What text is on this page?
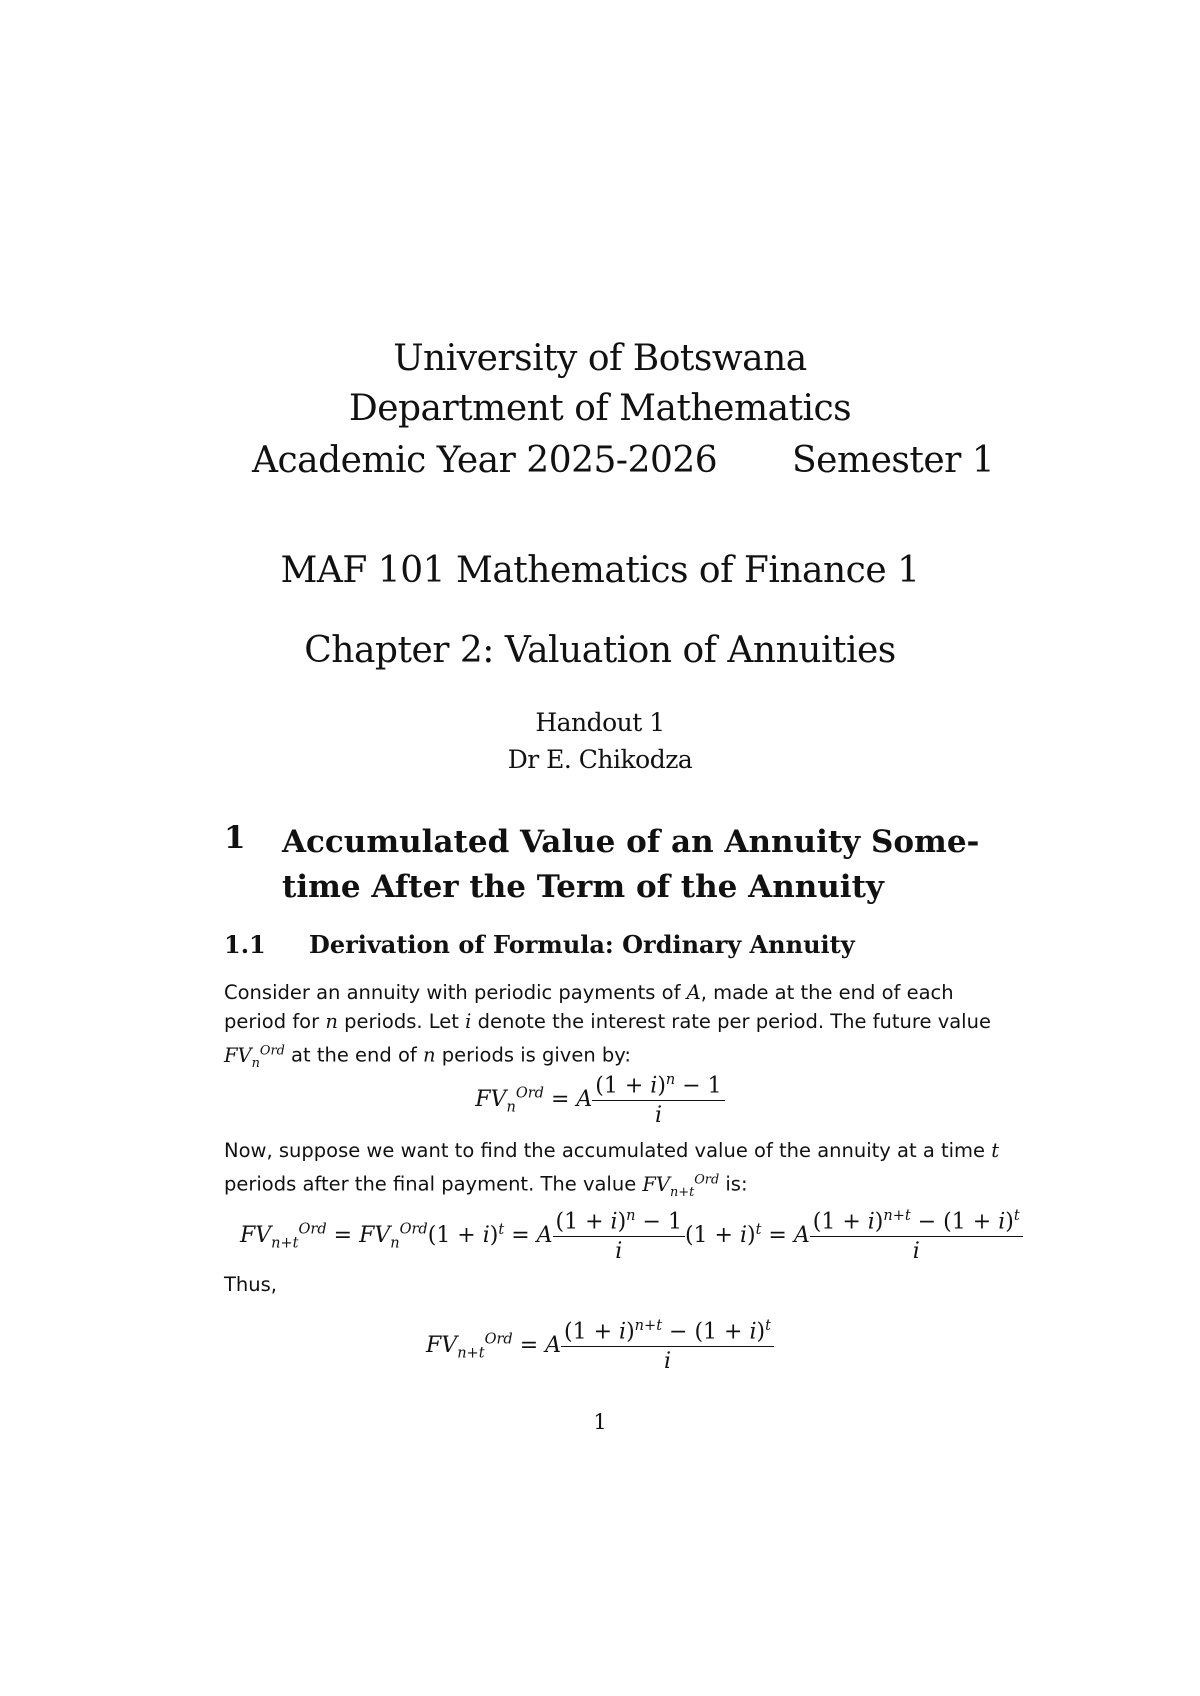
University of Botswana
Department of Mathematics
Academic Year 2025-2026 Semester 1
MAF 101 Mathematics of Finance 1
Chapter 2: Valuation of Annuities
Handout 1
Dr E. Chikodza
1 Accumulated Value of an Annuity Some-time After the Term of the Annuity
1.1 Derivation of Formula: Ordinary Annuity
Consider an annuity with periodic payments of A, made at the end of each period for n periods. Let i denote the interest rate per period. The future value $FV_n^{Ord}$ at the end of n periods is given by:
$FV_n^{Ord} = A \frac{(1 + i)^n - 1}{i}$
Now, suppose we want to find the accumulated value of the annuity at a time t periods after the final payment. The value $FV_{n+t}^{Ord}$ is:
$FV_{n+t}^{Ord} = FV_n^{Ord}(1 + i)^t = A \frac{(1 + i)^n - 1}{i} (1 + i)^t = A \frac{(1 + i)^{n+t} - (1 + i)^t}{i}$
Thus,
$FV_{n+t}^{Ord} = A \frac{(1 + i)^{n+t} - (1 + i)^t}{i}$
1
